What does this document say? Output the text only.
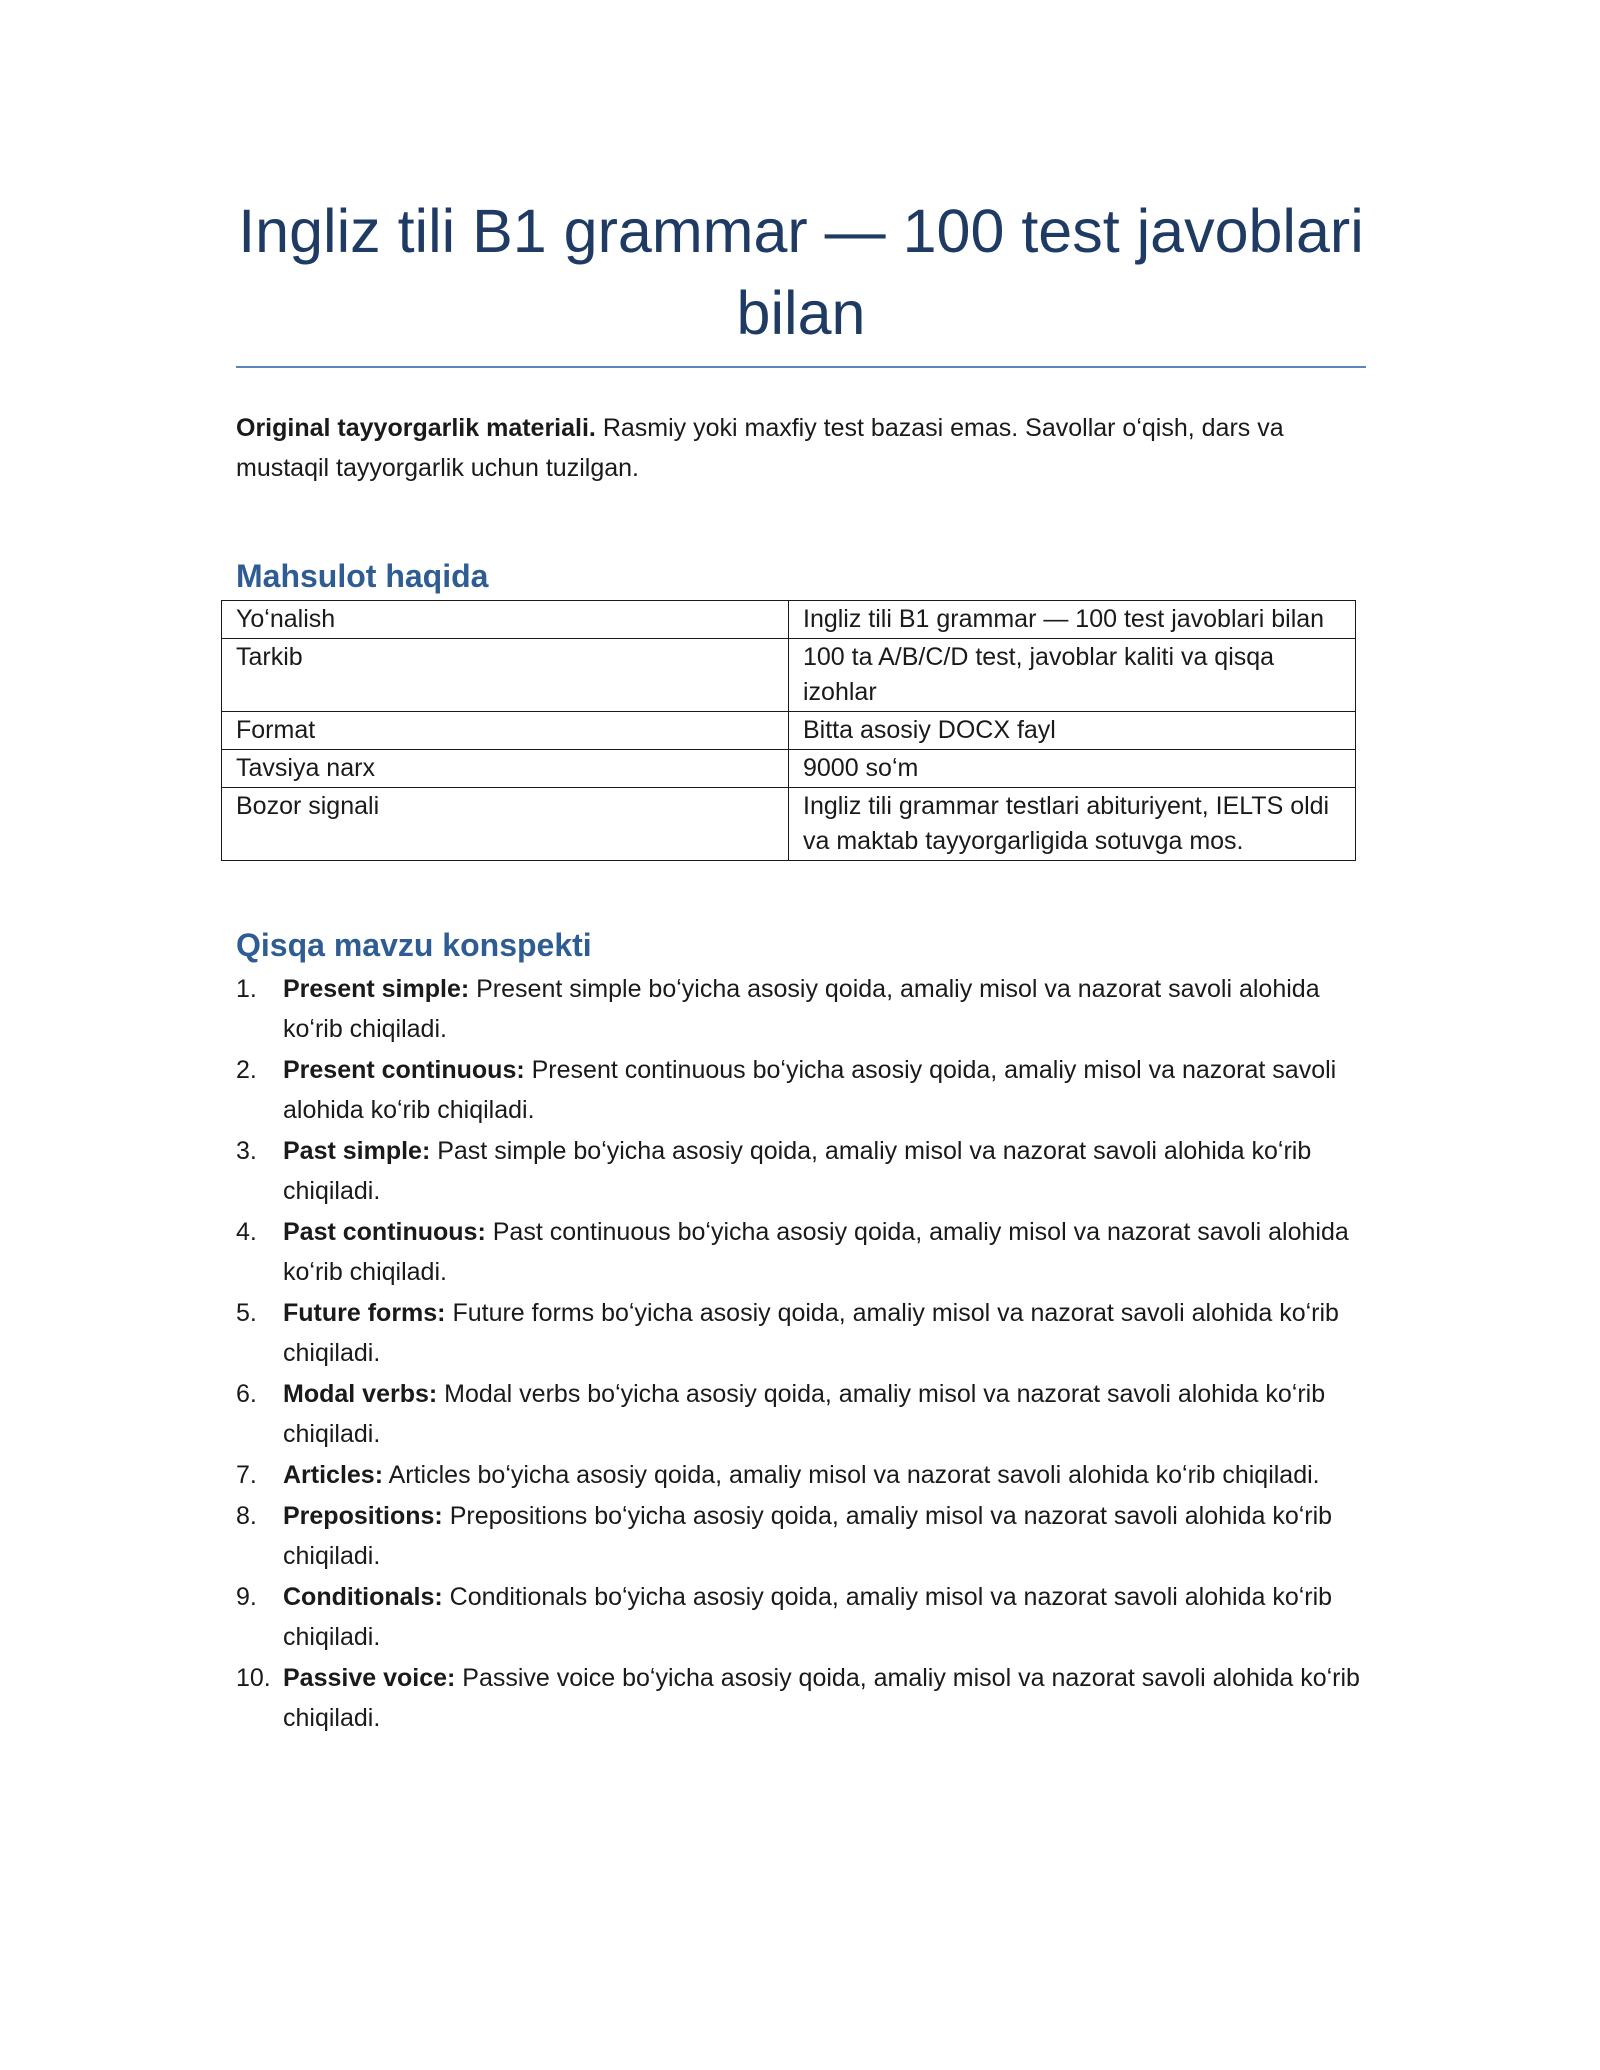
Ingliz tili B1 grammar — 100 test javoblari bilan

Original tayyorgarlik materiali. Rasmiy yoki maxfiy test bazasi emas. Savollar oʻqish, dars va mustaqil tayyorgarlik uchun tuzilgan.

Mahsulot haqida
Yoʻnalish	Ingliz tili B1 grammar — 100 test javoblari bilan
Tarkib	100 ta A/B/C/D test, javoblar kaliti va qisqa izohlar
Format	Bitta asosiy DOCX fayl
Tavsiya narx	9000 soʻm
Bozor signali	Ingliz tili grammar testlari abituriyent, IELTS oldi va maktab tayyorgarligida sotuvga mos.
Qisqa mavzu konspekti
1. Present simple: Present simple boʻyicha asosiy qoida, amaliy misol va nazorat savoli alohida koʻrib chiqiladi.
2. Present continuous: Present continuous boʻyicha asosiy qoida, amaliy misol va nazorat savoli alohida koʻrib chiqiladi.
3. Past simple: Past simple boʻyicha asosiy qoida, amaliy misol va nazorat savoli alohida koʻrib chiqiladi.
4. Past continuous: Past continuous boʻyicha asosiy qoida, amaliy misol va nazorat savoli alohida koʻrib chiqiladi.
5. Future forms: Future forms boʻyicha asosiy qoida, amaliy misol va nazorat savoli alohida koʻrib chiqiladi.
6. Modal verbs: Modal verbs boʻyicha asosiy qoida, amaliy misol va nazorat savoli alohida koʻrib chiqiladi.
7. Articles: Articles boʻyicha asosiy qoida, amaliy misol va nazorat savoli alohida koʻrib chiqiladi.
8. Prepositions: Prepositions boʻyicha asosiy qoida, amaliy misol va nazorat savoli alohida koʻrib chiqiladi.
9. Conditionals: Conditionals boʻyicha asosiy qoida, amaliy misol va nazorat savoli alohida koʻrib chiqiladi.
10. Passive voice: Passive voice boʻyicha asosiy qoida, amaliy misol va nazorat savoli alohida koʻrib chiqiladi.
